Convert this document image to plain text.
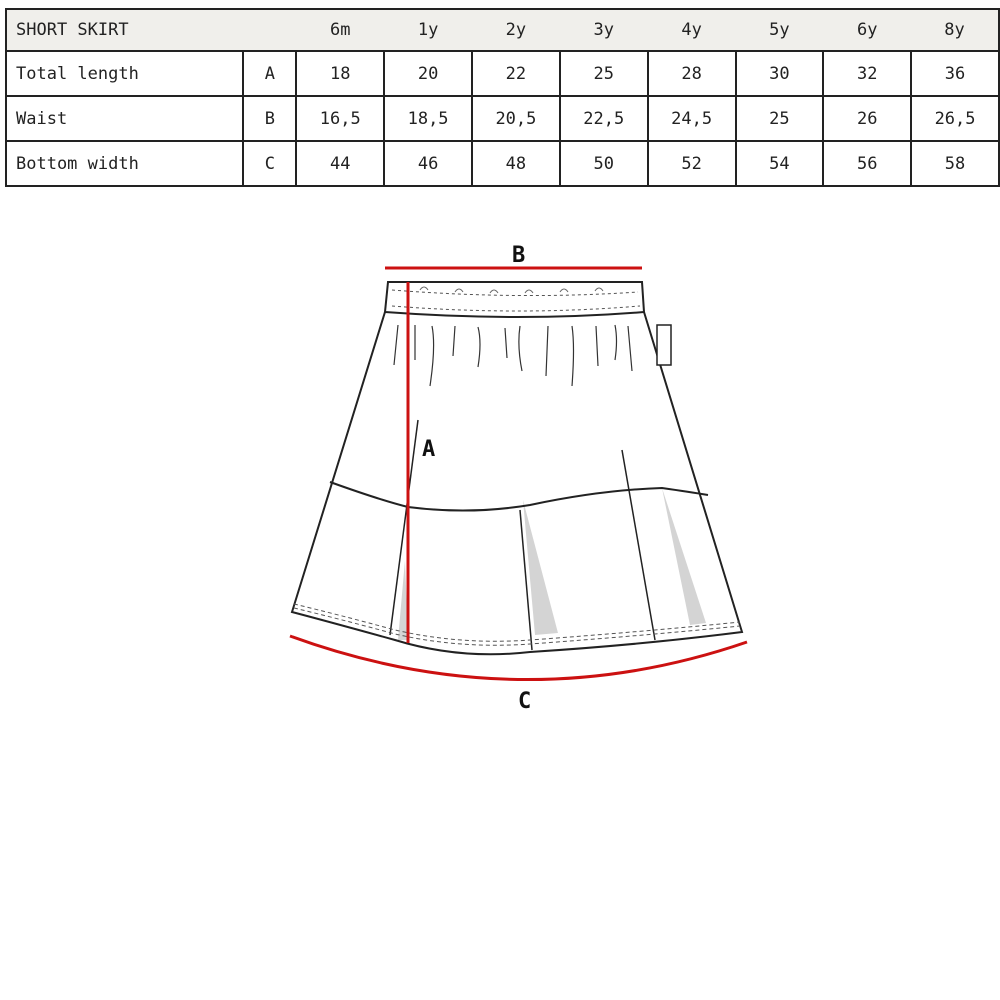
SHORT SKIRT		6m	1y	2y	3y	4y	5y	6y	8y
Total length	A	18	20	22	25	28	30	32	36
Waist	B	16,5	18,5	20,5	22,5	24,5	25	26	26,5
Bottom width	C	44	46	48	50	52	54	56	58
B
A
C
